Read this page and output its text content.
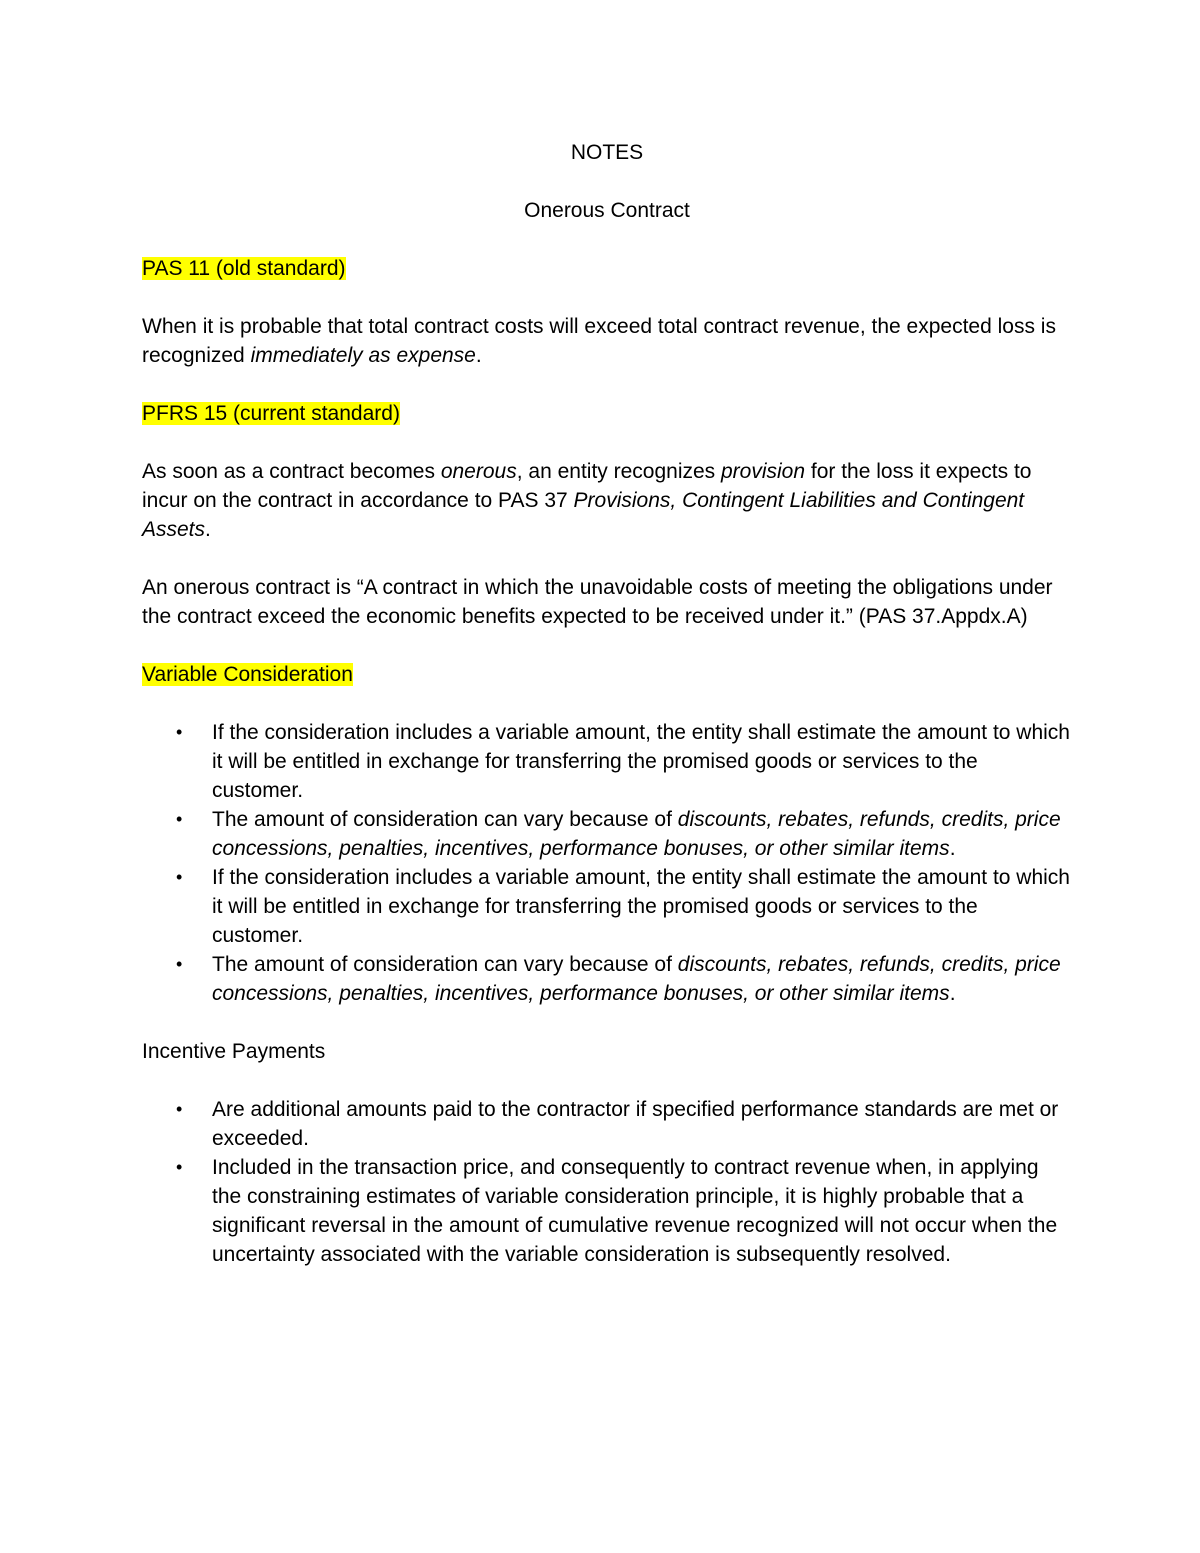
NOTES

Onerous Contract

PAS 11 (old standard)

When it is probable that total contract costs will exceed total contract revenue, the expected loss is recognized immediately as expense.

PFRS 15 (current standard)

As soon as a contract becomes onerous, an entity recognizes provision for the loss it expects to incur on the contract in accordance to PAS 37 Provisions, Contingent Liabilities and Contingent Assets.

An onerous contract is “A contract in which the unavoidable costs of meeting the obligations under the contract exceed the economic benefits expected to be received under it.” (PAS 37.Appdx.A)

Variable Consideration

• If the consideration includes a variable amount, the entity shall estimate the amount to which it will be entitled in exchange for transferring the promised goods or services to the customer.
• The amount of consideration can vary because of discounts, rebates, refunds, credits, price concessions, penalties, incentives, performance bonuses, or other similar items.
• If the consideration includes a variable amount, the entity shall estimate the amount to which it will be entitled in exchange for transferring the promised goods or services to the customer.
• The amount of consideration can vary because of discounts, rebates, refunds, credits, price concessions, penalties, incentives, performance bonuses, or other similar items.

Incentive Payments

• Are additional amounts paid to the contractor if specified performance standards are met or exceeded.
• Included in the transaction price, and consequently to contract revenue when, in applying the constraining estimates of variable consideration principle, it is highly probable that a significant reversal in the amount of cumulative revenue recognized will not occur when the uncertainty associated with the variable consideration is subsequently resolved.
